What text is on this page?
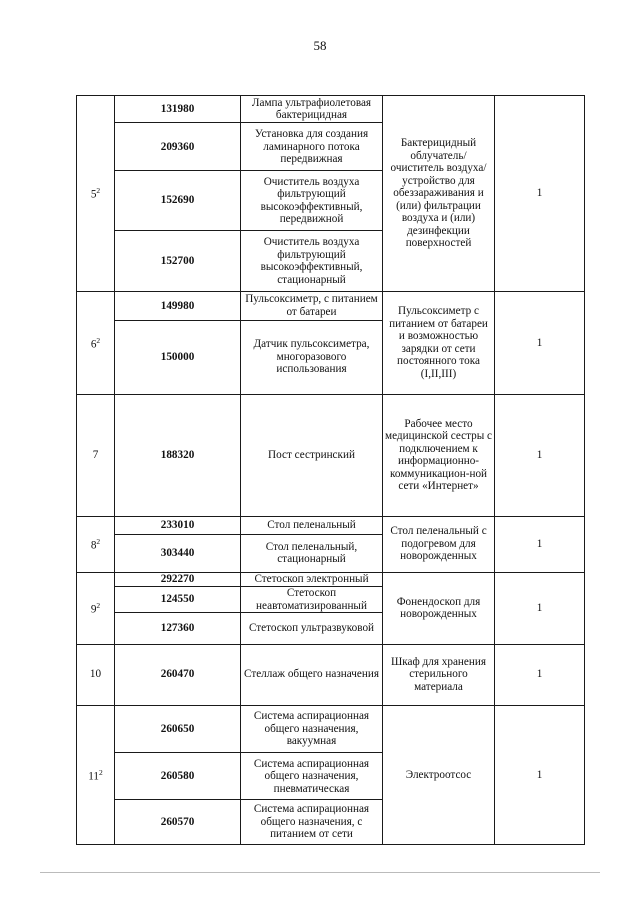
58
$5^2$	131980	Лампа ультрафиолетовая бактерицидная	Бактерицидный облучатель/ очиститель воздуха/ устройство для обеззараживания и (или) фильтрации воздуха и (или) дезинфекции поверхностей	1
	209360	Установка для создания ламинарного потока передвижная		
	152690	Очиститель воздуха фильтрующий высокоэффективный, передвижной		
	152700	Очиститель воздуха фильтрующий высокоэффективный, стационарный		
$6^2$	149980	Пульсоксиметр, с питанием от батареи	Пульсоксиметр с питанием от батареи и возможностью зарядки от сети постоянного тока (I,II,III)	1
	150000	Датчик пульсоксиметра, многоразового использования		
7	188320	Пост сестринский	Рабочее место медицинской сестры с подключением к информационно-коммуникацион-ной сети «Интернет»	1
$8^2$	233010	Стол пеленальный	Стол пеленальный с подогревом для новорожденных	1
	303440	Стол пеленальный, стационарный		
$9^2$	292270	Стетоскоп электронный	Фонендоскоп для новорожденных	1
	124550	Стетоскоп неавтоматизированный		
	127360	Стетоскоп ультразвуковой		
10	260470	Стеллаж общего назначения	Шкаф для хранения стерильного материала	1
$11^2$	260650	Система аспирационная общего назначения, вакуумная	Электроотсос	1
	260580	Система аспирационная общего назначения, пневматическая		
	260570	Система аспирационная общего назначения, с питанием от сети		
